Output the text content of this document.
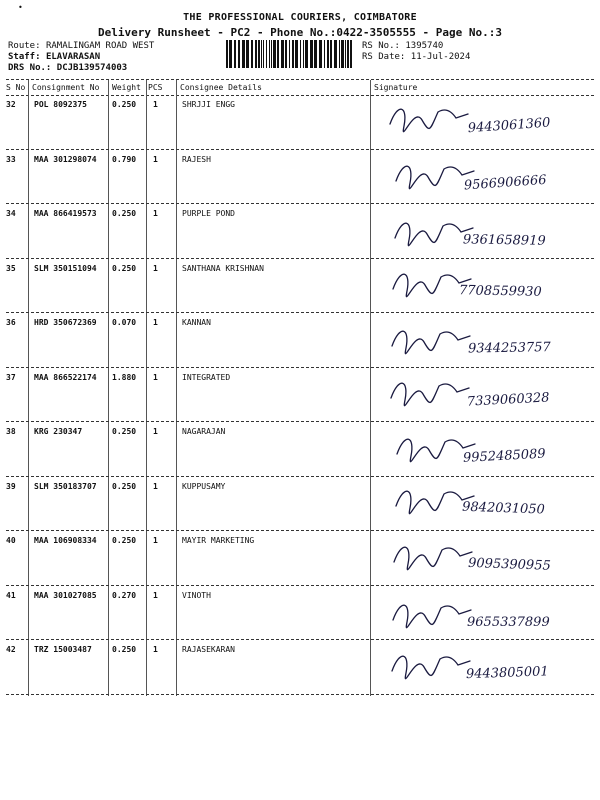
•
THE PROFESSIONAL COURIERS, COIMBATORE
Delivery Runsheet - PC2 - Phone No.:0422-3505555 - Page No.:3
Route: RAMALINGAM ROAD WEST
Staff: ELAVARASAN
DRS No.: DCJB139574003
RS No.: 1395740
RS Date: 11-Jul-2024
S No Consignment No Weight PCS Consignee Details	Signature
32 POL 8092375	0.250 1	SHRJJI ENGG
9443061360
33 MAA 301298074 0.790 1	RAJESH
9566906666
34 MAA 866419573 0.250 1	PURPLE POND
9361658919
35 SLM 350151094 0.250 1	SANTHANA KRISHNAN
7708559930
36 HRD 350672369 0.070 1	KANNAN
9344253757
37 MAA 866522174 1.880 1	INTEGRATED
7339060328
38 KRG 230347	0.250 1	NAGARAJAN
9952485089
39 SLM 350183707 0.250 1	KUPPUSAMY
9842031050
40 MAA 106908334 0.250 1	MAYIR MARKETING
9095390955
41 MAA 301027085 0.270 1	VINOTH
9655337899
42 TRZ 15003487	0.250 1	RAJASEKARAN
9443805001
